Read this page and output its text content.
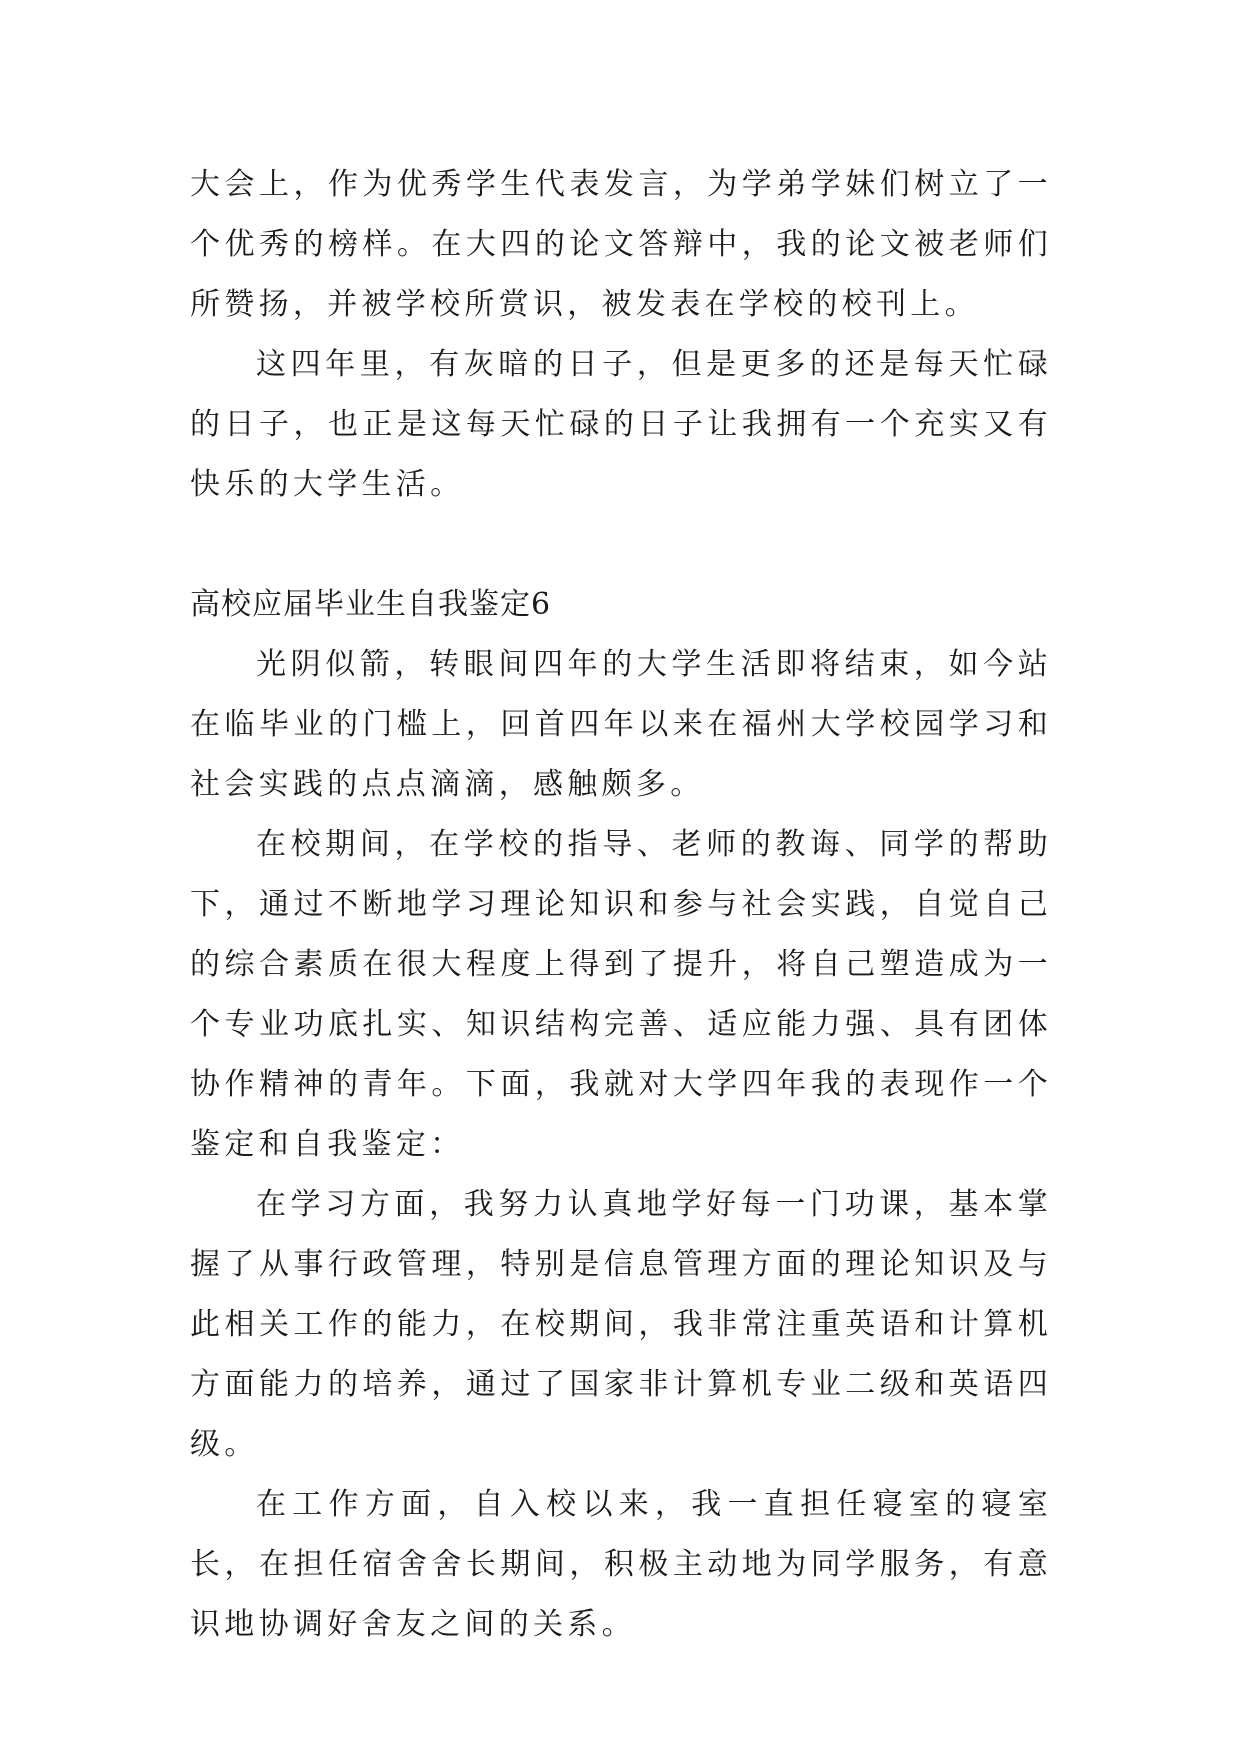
大会上，作为优秀学生代表发言，为学弟学妹们树立了一个优秀的榜样。在大四的论文答辩中，我的论文被老师们所赞扬，并被学校所赏识，被发表在学校的校刊上。

这四年里，有灰暗的日子，但是更多的还是每天忙碌的日子，也正是这每天忙碌的日子让我拥有一个充实又有快乐的大学生活。

高校应届毕业生自我鉴定6

光阴似箭，转眼间四年的大学生活即将结束，如今站在临毕业的门槛上，回首四年以来在福州大学校园学习和社会实践的点点滴滴，感触颇多。

在校期间，在学校的指导、老师的教诲、同学的帮助下，通过不断地学习理论知识和参与社会实践，自觉自己的综合素质在很大程度上得到了提升，将自己塑造成为一个专业功底扎实、知识结构完善、适应能力强、具有团体协作精神的青年。下面，我就对大学四年我的表现作一个鉴定和自我鉴定：

在学习方面，我努力认真地学好每一门功课，基本掌握了从事行政管理，特别是信息管理方面的理论知识及与此相关工作的能力，在校期间，我非常注重英语和计算机方面能力的培养，通过了国家非计算机专业二级和英语四级。

在工作方面，自入校以来，我一直担任寝室的寝室长，在担任宿舍舍长期间，积极主动地为同学服务，有意识地协调好舍友之间的关系。
